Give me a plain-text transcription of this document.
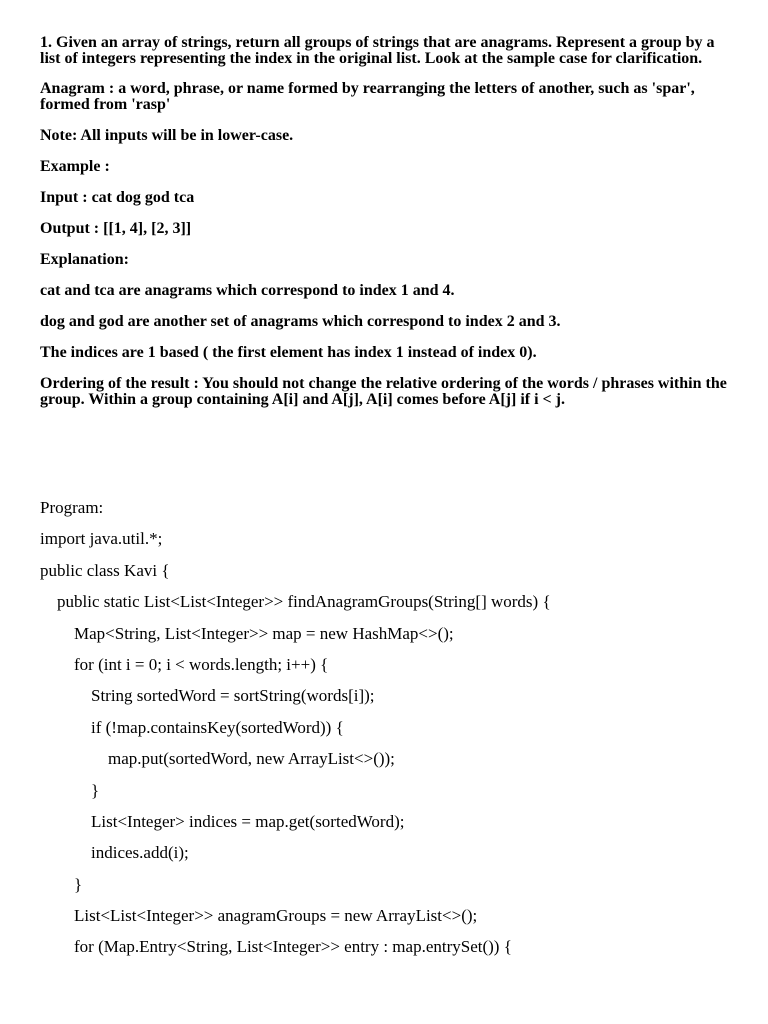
1. Given an array of strings, return all groups of strings that are anagrams. Represent a group by a list of integers representing the index in the original list. Look at the sample case for clarification.

Anagram : a word, phrase, or name formed by rearranging the letters of another, such as 'spar', formed from 'rasp'

Note: All inputs will be in lower-case.

Example :

Input : cat dog god tca

Output : [[1, 4], [2, 3]]

Explanation:

cat and tca are anagrams which correspond to index 1 and 4.

dog and god are another set of anagrams which correspond to index 2 and 3.

The indices are 1 based ( the first element has index 1 instead of index 0).

Ordering of the result : You should not change the relative ordering of the words / phrases within the group. Within a group containing A[i] and A[j], A[i] comes before A[j] if i < j.

Program:
import java.util.*;
public class Kavi {
public static List<List<Integer>> findAnagramGroups(String[] words) {
Map<String, List<Integer>> map = new HashMap<>();
for (int i = 0; i < words.length; i++) {
String sortedWord = sortString(words[i]);
if (!map.containsKey(sortedWord)) {
map.put(sortedWord, new ArrayList<>());
}
List<Integer> indices = map.get(sortedWord);
indices.add(i);
}
List<List<Integer>> anagramGroups = new ArrayList<>();
for (Map.Entry<String, List<Integer>> entry : map.entrySet()) {
